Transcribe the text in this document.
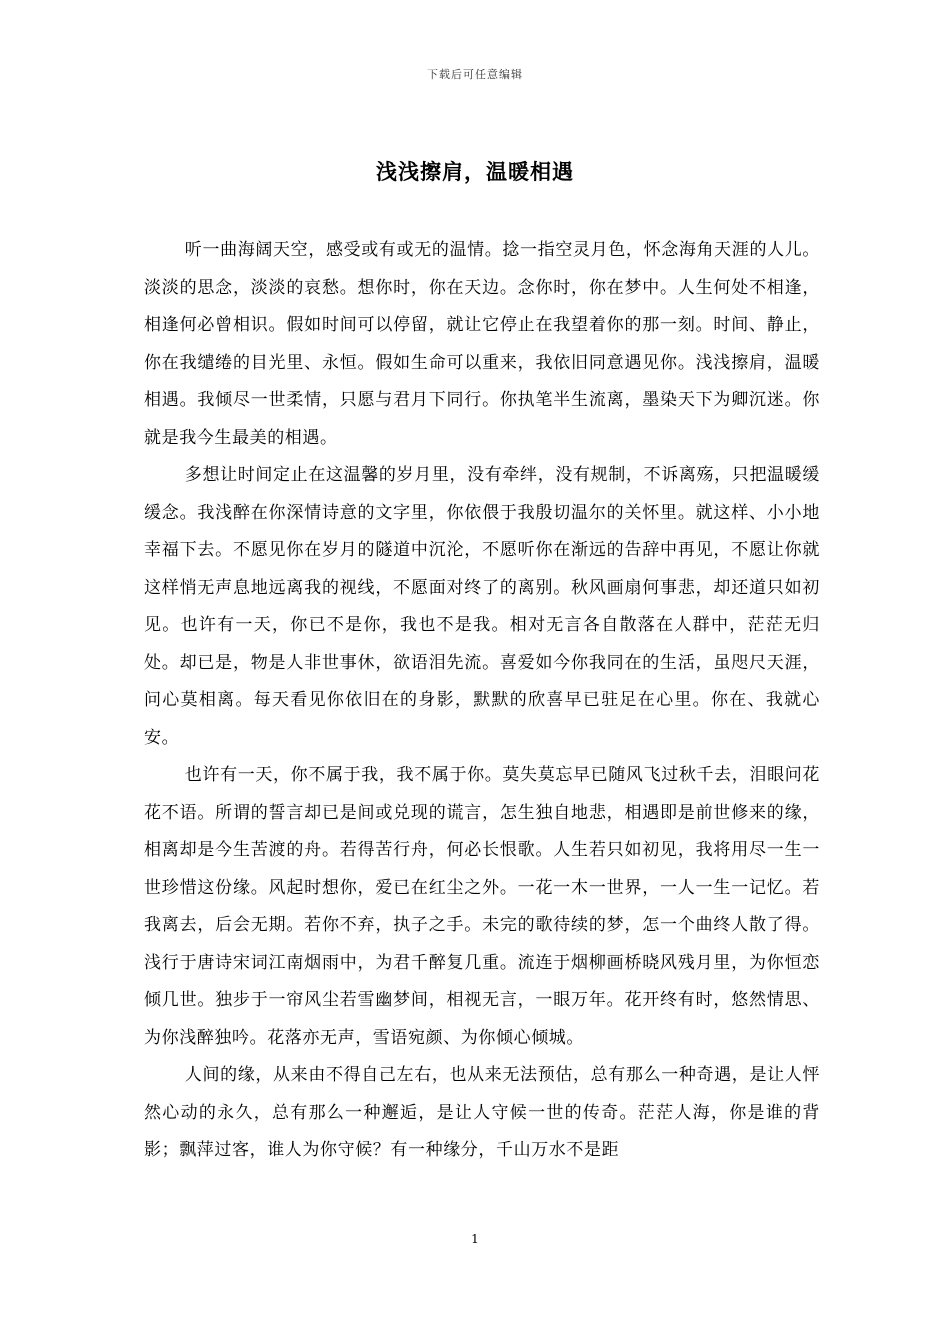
下载后可任意编辑
浅浅擦肩，温暖相遇

听一曲海阔天空，感受或有或无的温情。捻一指空灵月色，怀念海角天涯的人儿。淡淡的思念，淡淡的哀愁。想你时，你在天边。念你时，你在梦中。人生何处不相逢，相逢何必曾相识。假如时间可以停留，就让它停止在我望着你的那一刻。时间、静止，你在我缱绻的目光里、永恒。假如生命可以重来，我依旧同意遇见你。浅浅擦肩，温暖相遇。我倾尽一世柔情，只愿与君月下同行。你执笔半生流离，墨染天下为卿沉迷。你就是我今生最美的相遇。

多想让时间定止在这温馨的岁月里，没有牵绊，没有规制，不诉离殇，只把温暖缓缓念。我浅醉在你深情诗意的文字里，你依偎于我殷切温尔的关怀里。就这样、小小地幸福下去。不愿见你在岁月的隧道中沉沦，不愿听你在渐远的告辞中再见，不愿让你就这样悄无声息地远离我的视线，不愿面对终了的离别。秋风画扇何事悲，却还道只如初见。也许有一天，你已不是你，我也不是我。相对无言各自散落在人群中，茫茫无归处。却已是，物是人非世事休，欲语泪先流。喜爱如今你我同在的生活，虽咫尺天涯，问心莫相离。每天看见你依旧在的身影，默默的欣喜早已驻足在心里。你在、我就心安。

也许有一天，你不属于我，我不属于你。莫失莫忘早已随风飞过秋千去，泪眼问花花不语。所谓的誓言却已是间或兑现的谎言，怎生独自地悲，相遇即是前世修来的缘，相离却是今生苦渡的舟。若得苦行舟，何必长恨歌。人生若只如初见，我将用尽一生一世珍惜这份缘。风起时想你，爱已在红尘之外。一花一木一世界，一人一生一记忆。若我离去，后会无期。若你不弃，执子之手。未完的歌待续的梦，怎一个曲终人散了得。浅行于唐诗宋词江南烟雨中，为君千醉复几重。流连于烟柳画桥晓风残月里，为你恒恋倾几世。独步于一帘风尘若雪幽梦间，相视无言，一眼万年。花开终有时，悠然情思、为你浅醉独吟。花落亦无声，雪语宛颜、为你倾心倾城。

人间的缘，从来由不得自己左右，也从来无法预估，总有那么一种奇遇，是让人怦然心动的永久，总有那么一种邂逅，是让人守候一世的传奇。茫茫人海，你是谁的背影；飘萍过客，谁人为你守候？有一种缘分，千山万水不是距

1
